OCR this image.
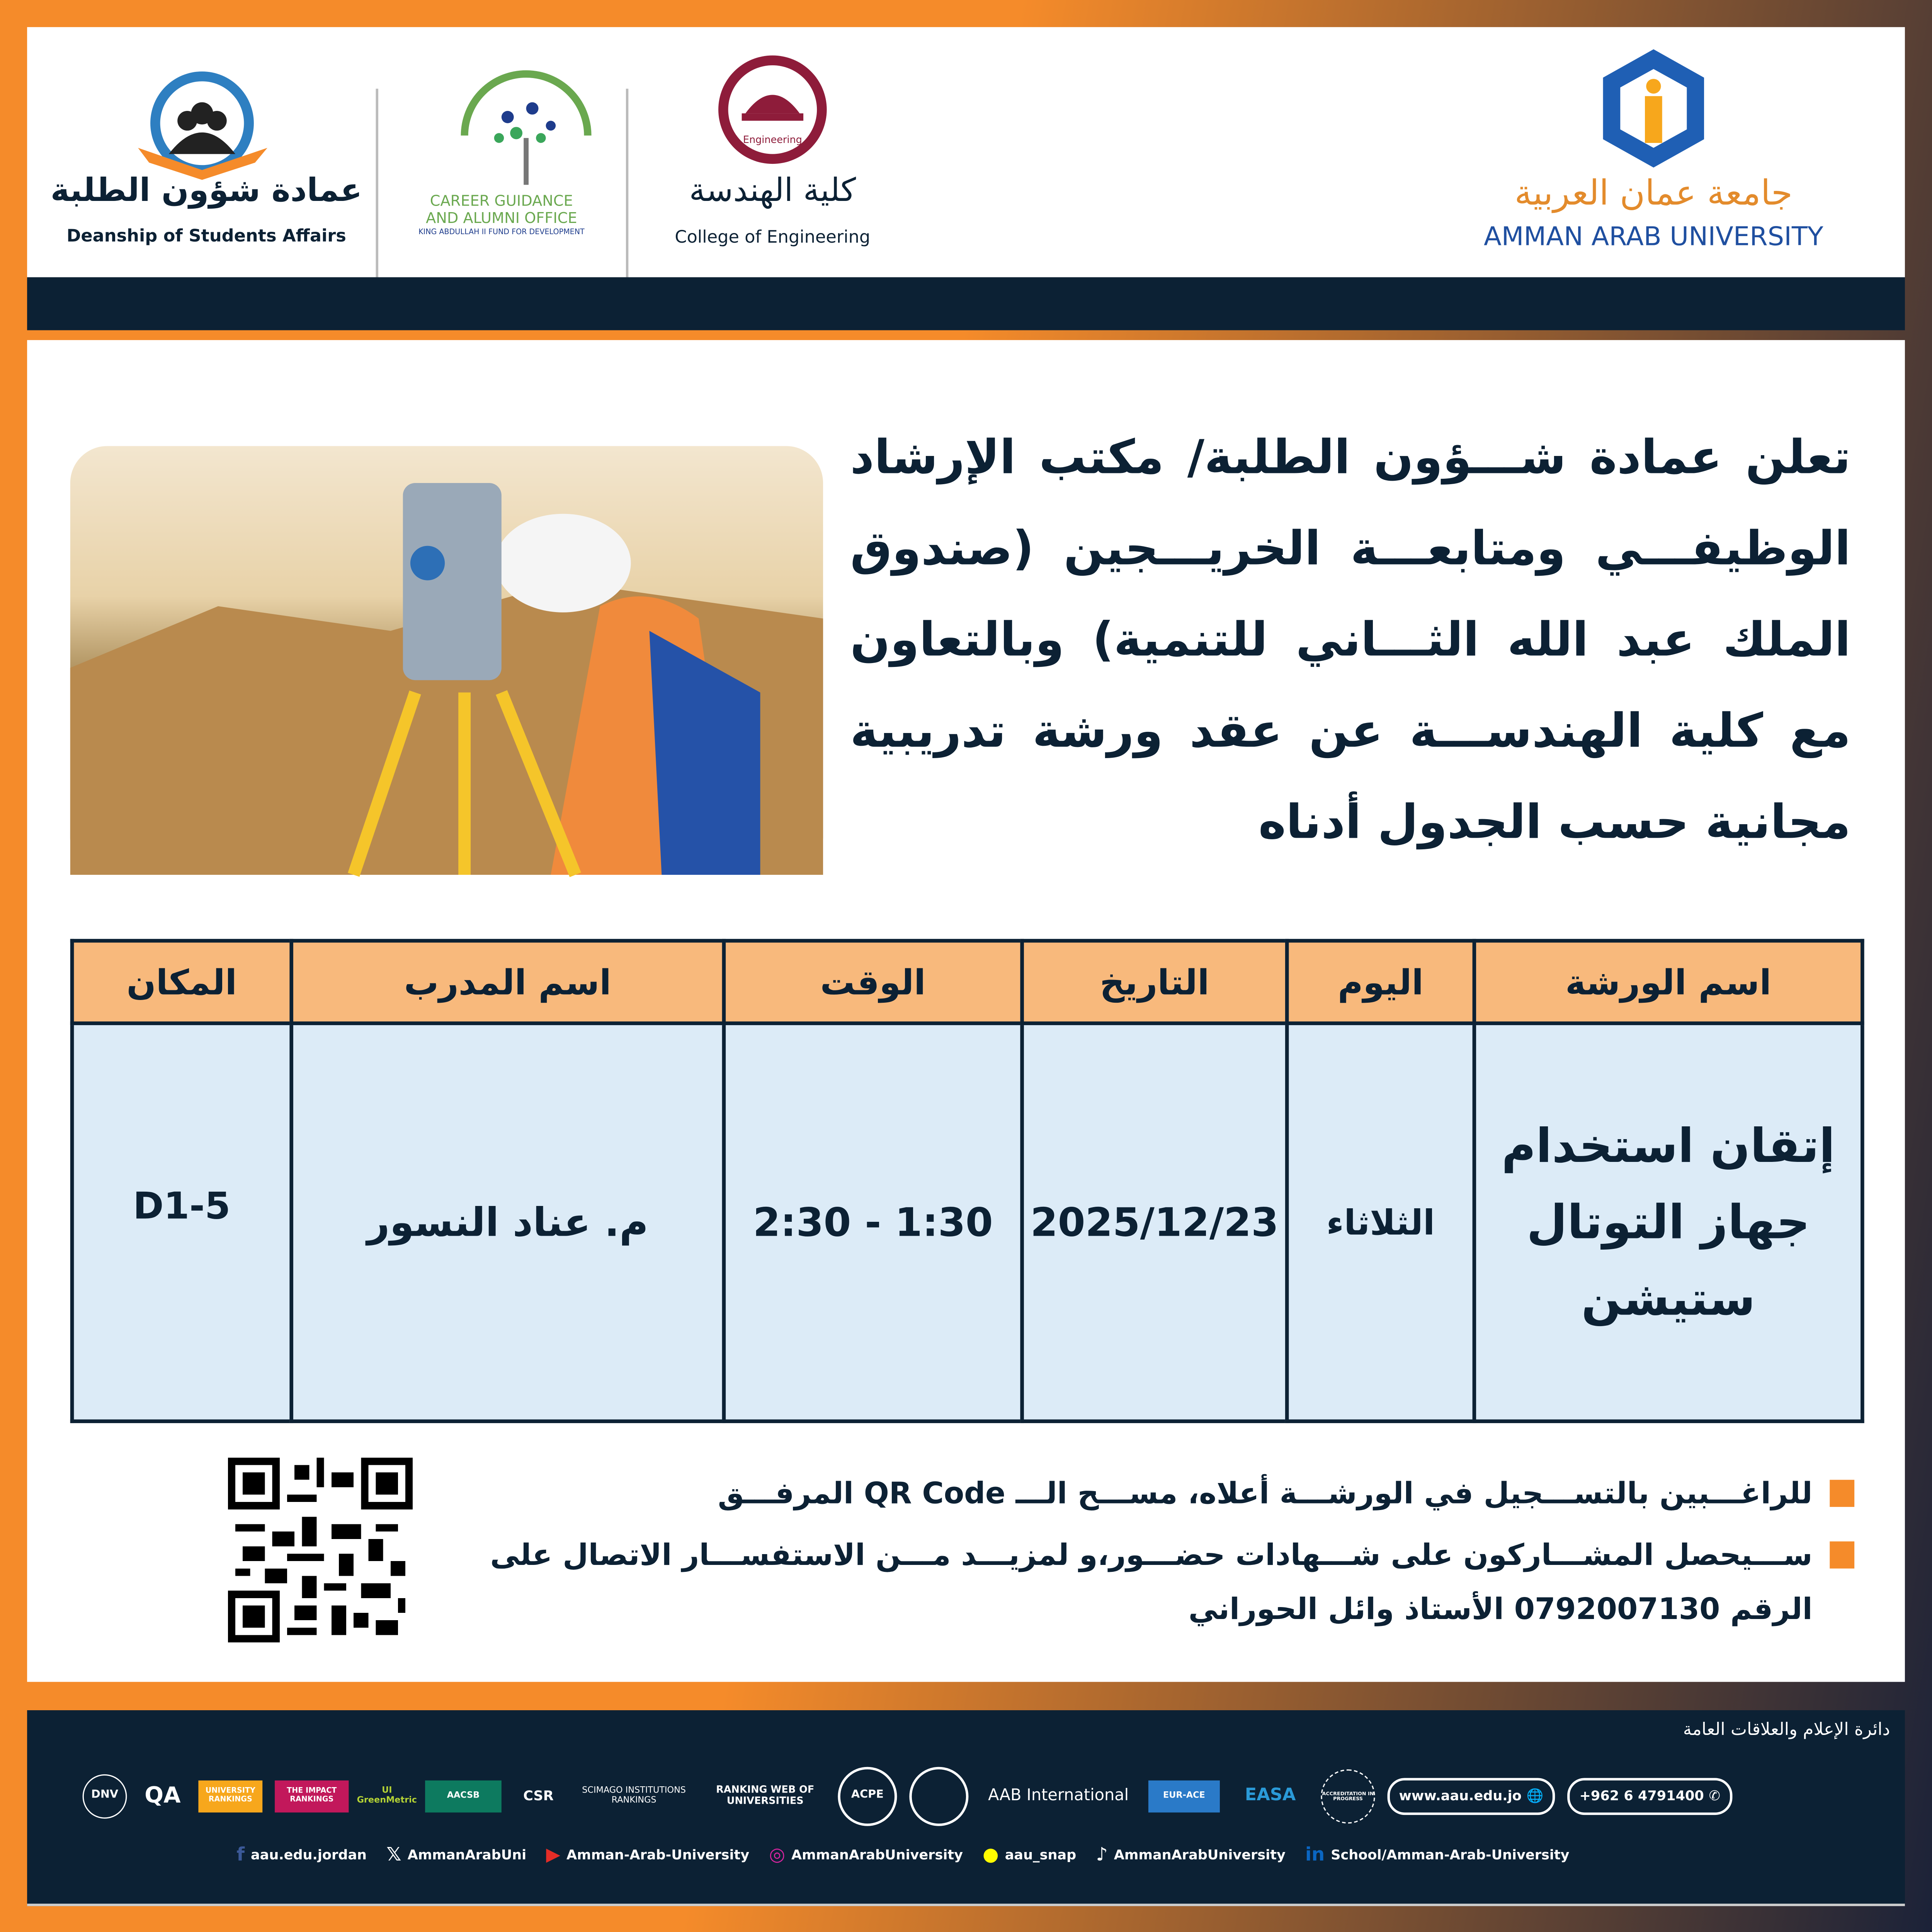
عمادة شؤون الطلبة
Deanship of Students Affairs
CAREER GUIDANCE
AND ALUMNI OFFICE
KING ABDULLAH II FUND FOR DEVELOPMENT
Engineering
كلية الهندسة
College of Engineering
جامعة عمان العربية
AMMAN ARAB UNIVERSITY
تعلن عمادة شـــؤون الطلبة/ مكتب الإرشاد الوظيفـــي ومتابعـــة الخريـــجين (صندوق الملك عبد الله الثـــاني للتنمية) وبالتعاون مع كلية الهندســـة عن عقد ورشة تدريبية مجانية حسب الجدول أدناه
اسم الورشة	اليوم	التاريخ	الوقت	اسم المدرب	المكان
إتقان استخدام جهاز التوتال ستيشن	الثلاثاء	2025/12/23	2:30 - 1:30	م. عناد النسور	D1-5
للراغـــبين بالتســـجيل في الورشـــة أعلاه، مســـح الـــ QR Code المرفـــق
ســـيحصل المشـــاركون على شـــهادات حضـــور،و لمزيـــد مـــن الاستفســـار الاتصال على الرقم 0792007130 الأستاذ وائل الحوراني
دائرة الإعلام والعلاقات العامة
DNV	QA	UNIVERSITY RANKINGS
THE IMPACT RANKINGS
UI GreenMetric	AACSB	CSR	SCIMAGO INSTITUTIONS RANKINGS
RANKING WEB OF UNIVERSITIES	ACPE	AAB International	EUR-ACE	EASA	ACCREDITATION IN PROGRESS	www.aau.edu.jo 🌐	+962 6 4791400 ✆
f aau.edu.jordan	𝕏 AmmanArabUni	▶ Amman-Arab-University	◎ AmmanArabUniversity	● aau_snap	♪ AmmanArabUniversity	in School/Amman-Arab-University
